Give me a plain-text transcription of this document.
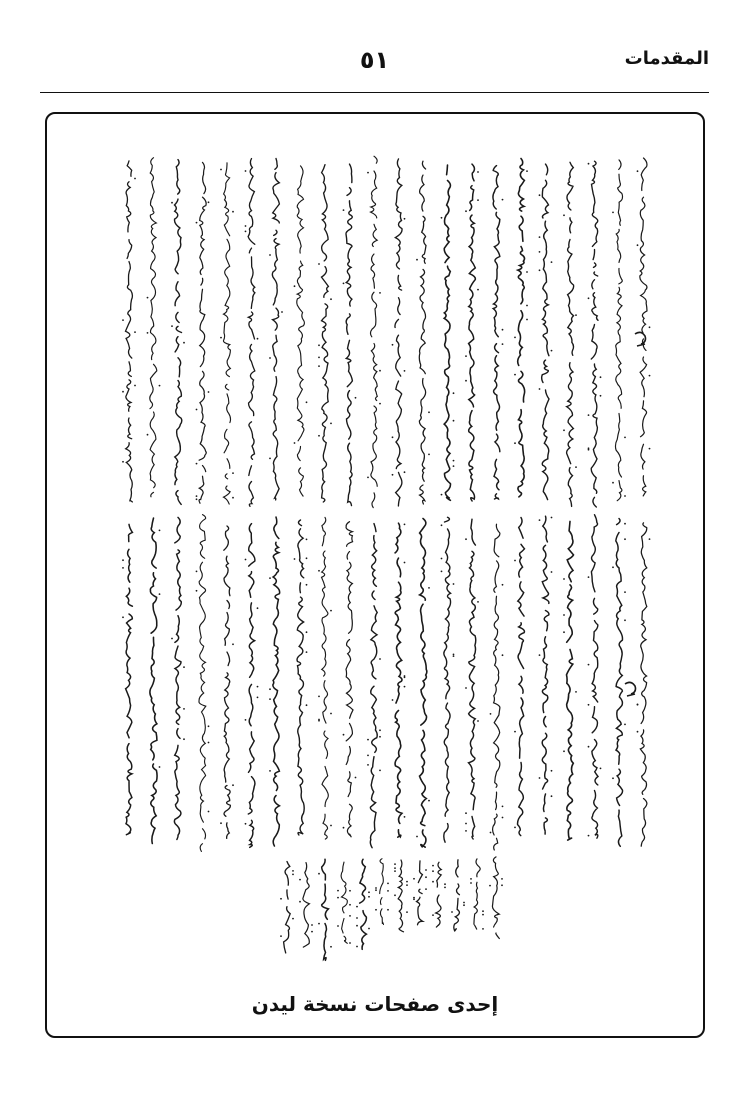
المقدمات
٥١
إحدى صفحات نسخة ليدن
